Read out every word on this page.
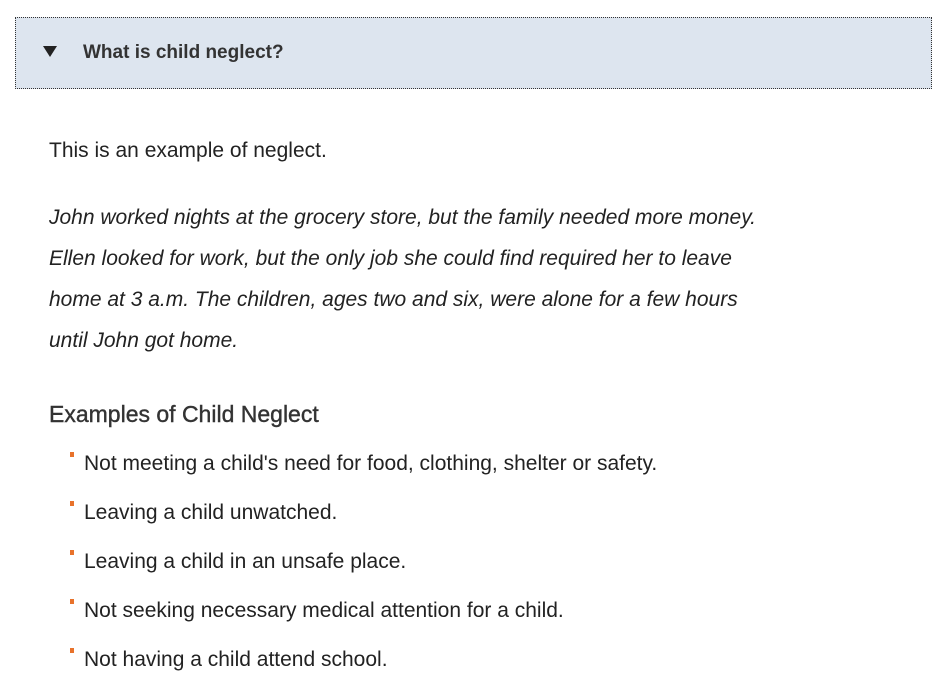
What is child neglect?

This is an example of neglect.

John worked nights at the grocery store, but the family needed more money.
Ellen looked for work, but the only job she could find required her to leave
home at 3 a.m. The children, ages two and six, were alone for a few hours
until John got home.

Examples of Child Neglect
Not meeting a child's need for food, clothing, shelter or safety.
Leaving a child unwatched.
Leaving a child in an unsafe place.
Not seeking necessary medical attention for a child.
Not having a child attend school.
